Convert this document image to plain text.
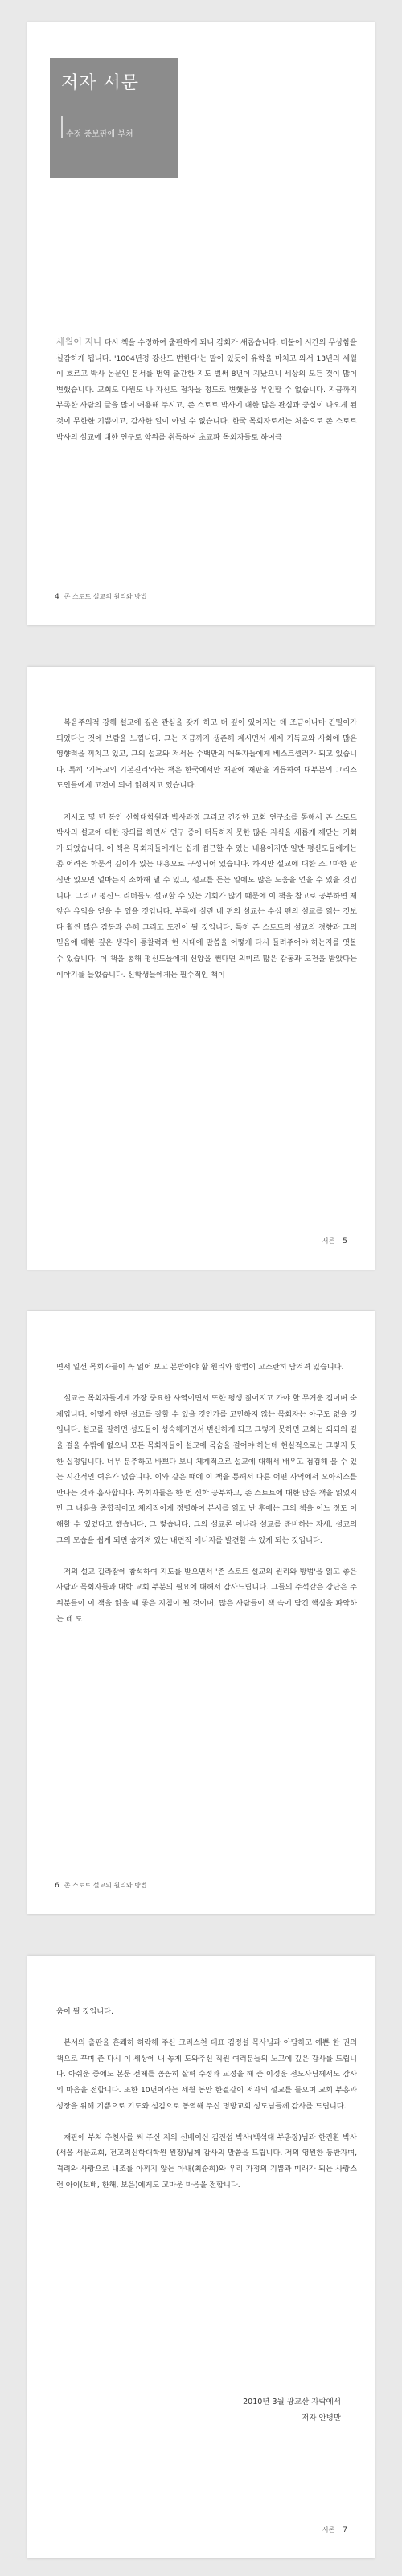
저자 서문
수정 증보판에 부쳐

세월이 지나 다시 책을 수정하여 출판하게 되니 감회가 새롭습니다. 더불어 시간의 무상함을 실감하게 됩니다. '1004년경 강산도 변한다'는 말이 있듯이 유학을 마치고 와서 13년의 세월이 흐르고 박사 논문인 본서를 번역 출간한 지도 벌써 8년이 지났으니 세상의 모든 것이 많이 변했습니다. 교회도 다원도 나 자신도 점차들 정도로 변했음을 부인할 수 없습니다. 지금까지 부족한 사람의 글을 많이 애용해 주시고, 존 스토트 박사에 대한 많은 관심과 긍심이 나오게 된 것이 무한한 기쁨이고, 감사한 일이 아닐 수 없습니다. 한국 목회자로서는 처음으로 존 스토트 박사의 설교에 대한 연구로 학위를 취득하여 초교파 목회자들로 하여금

4 존 스토트 설교의 원리와 방법

복음주의적 강해 설교에 깊은 관심을 갖게 하고 더 깊이 있어지는 데 조금이나마 긴밀이가 되었다는 것에 보람을 느낍니다. 그는 지금까지 생존해 계시면서 세계 기독교와 사회에 많은 영향력을 끼치고 있고, 그의 설교와 저서는 수백만의 애독자들에게 베스트셀러가 되고 있습니다. 특히 '기독교의 기본진리'라는 책은 한국에서만 재판에 재판을 거듭하여 대부분의 그리스도인들에게 고전이 되어 읽혀지고 있습니다.

저서도 몇 년 동안 신학대학원과 박사과정 그리고 건강한 교회 연구소를 통해서 존 스토트 박사의 설교에 대한 강의를 하면서 연구 중에 터득하지 못한 많은 지식을 새롭게 깨닫는 기회가 되었습니다. 이 책은 목회자들에게는 쉽게 접근할 수 있는 내용이지만 일반 평신도들에게는 좀 어려운 학문적 깊이가 있는 내용으로 구성되어 있습니다. 하지만 설교에 대한 조그마한 관심만 있으면 얼마든지 소화해 낼 수 있고, 설교를 듣는 일에도 많은 도움을 얻을 수 있을 것입니다. 그리고 평신도 리더들도 설교할 수 있는 기회가 많기 때문에 이 책을 참고로 공부하면 제 앞은 유익을 얻을 수 있을 것입니다. 부록에 실린 네 편의 설교는 수십 편의 설교를 읽는 것보다 훨씬 많은 감동과 은혜 그리고 도전이 될 것입니다. 특히 존 스토트의 설교의 경향과 그의 믿음에 대한 깊은 생각이 통찰력과 현 시대에 말씀을 어떻게 다시 들려주어야 하는지를 엿볼 수 있습니다. 이 책을 통해 평신도들에게 신앙을 뺀다면 의미로 많은 감동과 도전을 받았다는 이야기를 들었습니다. 신학생들에게는 필수적인 책이

서론 5

면서 일선 목회자들이 꼭 읽어 보고 본받아야 할 원리와 방법이 고스란히 담겨져 있습니다.

설교는 목회자들에게 가장 중요한 사역이면서 또한 평생 짊어지고 가야 할 무거운 짐이며 숙제입니다. 어떻게 하면 설교를 잘할 수 있을 것인가를 고민하지 않는 목회자는 아무도 없을 것입니다. 설교를 잘하면 성도들이 성숙해지면서 변신하게 되고 그렇지 못하면 교회는 외되의 길을 걸을 수밖에 없으니 모든 목회자들이 설교에 목숨을 걸어야 하는데 현실적으로는 그렇지 못한 실정입니다. 너무 분주하고 바쁘다 보니 체계적으로 설교에 대해서 배우고 점검해 볼 수 있는 시간적인 여유가 없습니다. 이와 같은 때에 이 책을 통해서 다른 어떤 사역에서 오아시스를 만나는 것과 흡사합니다. 목회자들은 한 번 신학 공부하고, 존 스토트에 대한 많은 책을 읽었지만 그 내용을 종합적이고 체계적이게 정렬하여 본서를 읽고 난 후에는 그의 책을 어느 정도 이해할 수 있었다고 했습니다. 그 렇습니다. 그의 설교론 이나라 설교를 준비하는 자세, 설교의 그의 모습을 쉽게 되면 숨겨져 있는 내면적 에너지를 발견할 수 있게 되는 것입니다.

저의 설교 길라잡에 참석하여 지도를 받으면서 '존 스토트 설교의 원리와 방법'을 읽고 좋은 사람과 목회자들과 대학 교회 부분의 필요에 대해서 감사드립니다. 그들의 주석같은 강단은 주위분들이 이 책을 읽을 때 좋은 지침이 될 것이며, 많은 사람들이 책 속에 담긴 핵심을 파악하는 데 도

6 존 스토트 설교의 원리와 방법

움이 될 것입니다.

본서의 출판을 흔쾌히 허락해 주신 크리스천 대표 김정설 목사님과 아담하고 예쁜 한 권의 책으로 꾸며 준 다시 이 세상에 내 놓게 도와주신 직원 여러분들의 노고에 깊은 감사를 드립니다. 아쉬운 중에도 본문 전체를 꼼꼼히 살펴 수정과 교정을 해 준 이정운 전도사님께서도 감사의 마음을 전합니다. 또한 10년이라는 세월 동안 한결같이 저자의 설교를 들으며 교회 부흥과 성장을 위해 기쁨으로 기도와 섬김으로 동역해 주신 명방교회 성도님들께 감사를 드립니다.

재판에 부쳐 추천사를 써 주신 저의 선배이신 김진섭 박사(백석대 부총장)님과 한진환 박사(서울 서문교회, 전고려신학대학원 원장)님께 감사의 말씀을 드립니다. 저의 영원한 동반자며, 격려와 사랑으로 내조를 아끼지 않는 아내(최순희)와 우리 가정의 기쁨과 미래가 되는 사랑스런 아이(보배, 한해, 보은)에게도 고마운 마음을 전합니다.

2010년 3월 광교산 자락에서
저자 안병만
서론 7
